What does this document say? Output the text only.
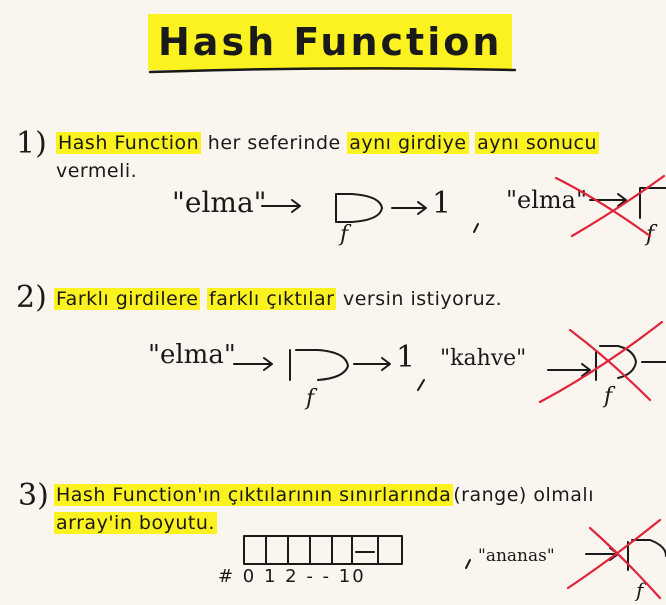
Hash Function
1) Hash Function her seferinde aynı girdiye aynı sonucu
vermeli.
"elma"	1
f
"elma"
f
2) Farklı girdilere farklı çıktılar versin istiyoruz.
"elma"	1
f
"kahve"
f
3) Hash Function'ın çıktılarının sınırlarında (range) olmalı
array'in boyutu.
# 0 1 2 - - 10
"ananas"
f
